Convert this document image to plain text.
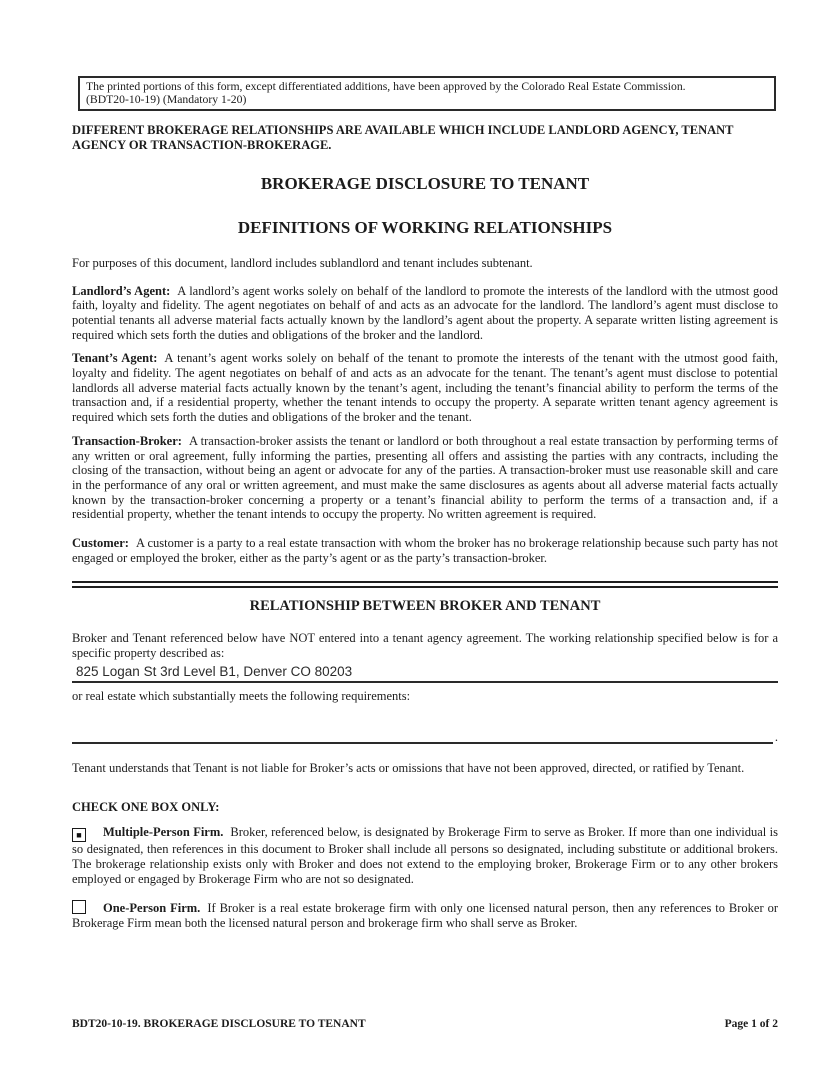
The printed portions of this form, except differentiated additions, have been approved by the Colorado Real Estate Commission.
(BDT20-10-19) (Mandatory 1-20)

DIFFERENT BROKERAGE RELATIONSHIPS ARE AVAILABLE WHICH INCLUDE LANDLORD AGENCY, TENANT AGENCY OR TRANSACTION-BROKERAGE.

BROKERAGE DISCLOSURE TO TENANT
DEFINITIONS OF WORKING RELATIONSHIPS

For purposes of this document, landlord includes sublandlord and tenant includes subtenant.

Landlord’s Agent: A landlord’s agent works solely on behalf of the landlord to promote the interests of the landlord with the utmost good faith, loyalty and fidelity. The agent negotiates on behalf of and acts as an advocate for the landlord. The landlord’s agent must disclose to potential tenants all adverse material facts actually known by the landlord’s agent about the property. A separate written listing agreement is required which sets forth the duties and obligations of the broker and the landlord.

Tenant’s Agent: A tenant’s agent works solely on behalf of the tenant to promote the interests of the tenant with the utmost good faith, loyalty and fidelity. The agent negotiates on behalf of and acts as an advocate for the tenant. The tenant’s agent must disclose to potential landlords all adverse material facts actually known by the tenant’s agent, including the tenant’s financial ability to perform the terms of the transaction and, if a residential property, whether the tenant intends to occupy the property. A separate written tenant agency agreement is required which sets forth the duties and obligations of the broker and the tenant.

Transaction-Broker: A transaction-broker assists the tenant or landlord or both throughout a real estate transaction by performing terms of any written or oral agreement, fully informing the parties, presenting all offers and assisting the parties with any contracts, including the closing of the transaction, without being an agent or advocate for any of the parties. A transaction-broker must use reasonable skill and care in the performance of any oral or written agreement, and must make the same disclosures as agents about all adverse material facts actually known by the transaction-broker concerning a property or a tenant’s financial ability to perform the terms of a transaction and, if a residential property, whether the tenant intends to occupy the property. No written agreement is required.

Customer: A customer is a party to a real estate transaction with whom the broker has no brokerage relationship because such party has not engaged or employed the broker, either as the party’s agent or as the party’s transaction-broker.

RELATIONSHIP BETWEEN BROKER AND TENANT

Broker and Tenant referenced below have NOT entered into a tenant agency agreement. The working relationship specified below is for a specific property described as:

825 Logan St 3rd Level B1, Denver CO 80203

or real estate which substantially meets the following requirements:

.

Tenant understands that Tenant is not liable for Broker’s acts or omissions that have not been approved, directed, or ratified by Tenant.

CHECK ONE BOX ONLY:

■ Multiple-Person Firm. Broker, referenced below, is designated by Brokerage Firm to serve as Broker. If more than one individual is so designated, then references in this document to Broker shall include all persons so designated, including substitute or additional brokers. The brokerage relationship exists only with Broker and does not extend to the employing broker, Brokerage Firm or to any other brokers employed or engaged by Brokerage Firm who are not so designated.

One-Person Firm. If Broker is a real estate brokerage firm with only one licensed natural person, then any references to Broker or Brokerage Firm mean both the licensed natural person and brokerage firm who shall serve as Broker.

BDT20-10-19. BROKERAGE DISCLOSURE TO TENANT	Page 1 of 2
